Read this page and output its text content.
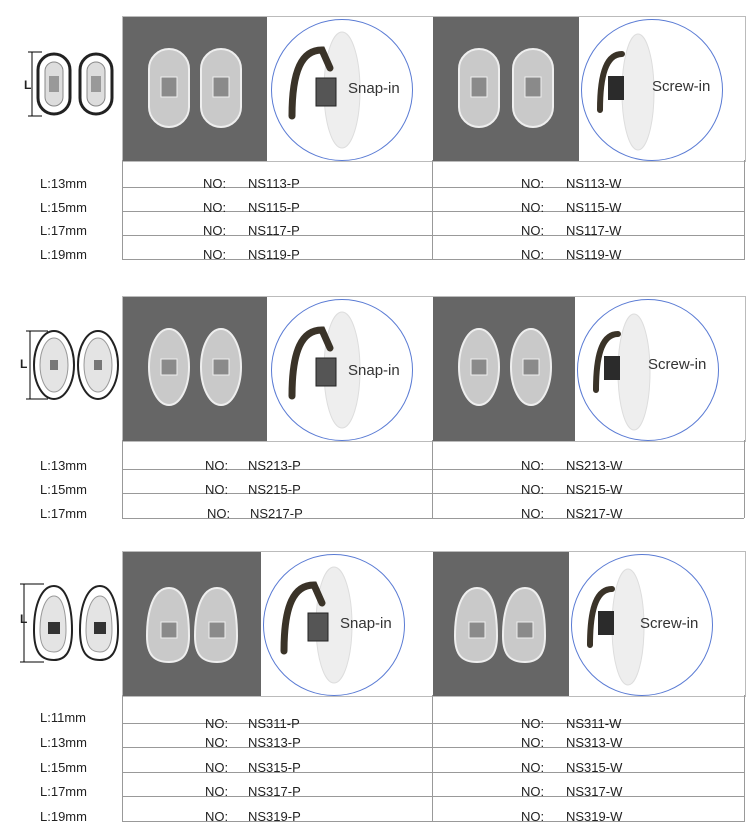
L	Snap-in	Screw-in
L:13mm	NO: NS113-P	NO: NS113-W
L:15mm	NO: NS115-P	NO: NS115-W
L:17mm	NO: NS117-P	NO: NS117-W
L:19mm	NO: NS119-P	NO: NS119-W
L	Snap-in	Screw-in
L:13mm	NO: NS213-P	NO: NS213-W
L:15mm	NO: NS215-P	NO: NS215-W
L:17mm	NO: NS217-P	NO: NS217-W
L	Snap-in	Screw-in
L:11mm	NO: NS311-P	NO: NS311-W
L:13mm	NO: NS313-P	NO: NS313-W
L:15mm	NO: NS315-P	NO: NS315-W
L:17mm	NO: NS317-P	NO: NS317-W
L:19mm	NO: NS319-P	NO: NS319-W
